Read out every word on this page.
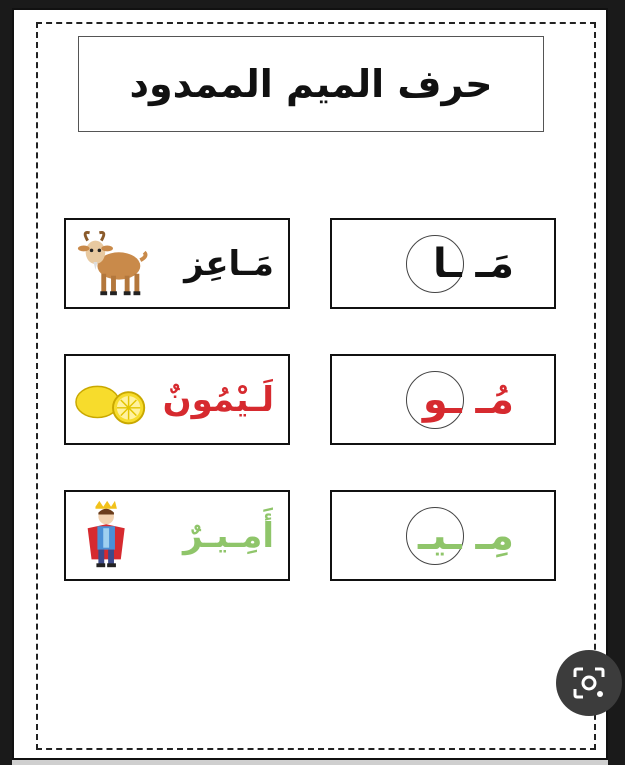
حرف الميم الممدود
مَـاعِز	مَـ ـا
لَـيْمُونٌ	مُـ ـو
أَمِـيـرٌ	مِـ ـيـ
